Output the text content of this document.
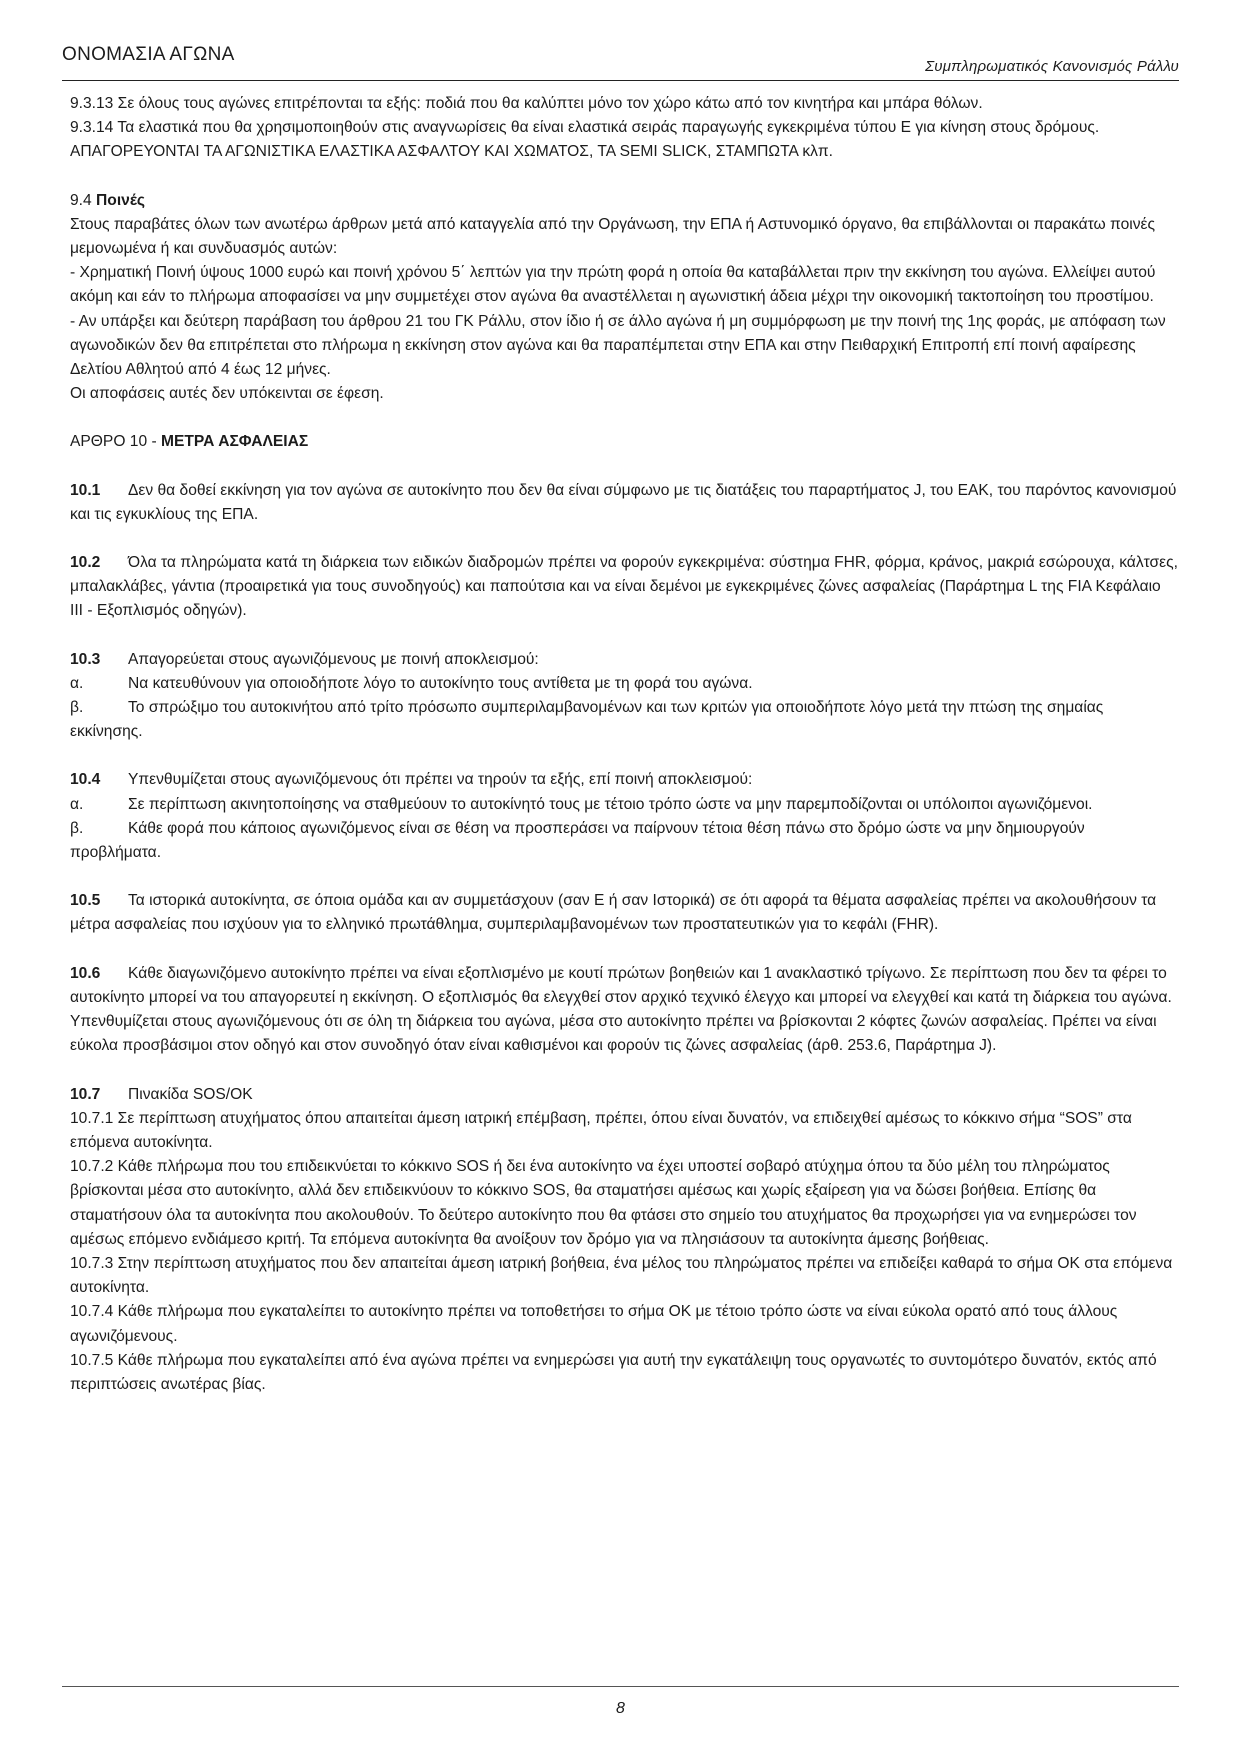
ΟΝΟΜΑΣΙΑ ΑΓΩΝΑ
Συμπληρωματικός Κανονισμός Ράλλυ

9.3.13 Σε όλους τους αγώνες επιτρέπονται τα εξής: ποδιά που θα καλύπτει μόνο τον χώρο κάτω από τον κινητήρα και μπάρα θόλων.

9.3.14 Τα ελαστικά που θα χρησιμοποιηθούν στις αναγνωρίσεις θα είναι ελαστικά σειράς παραγωγής εγκεκριμένα τύπου Ε για κίνηση στους δρόμους.

ΑΠΑΓΟΡΕΥΟΝΤΑΙ ΤΑ ΑΓΩΝΙΣΤΙΚΑ ΕΛΑΣΤΙΚΑ ΑΣΦΑΛΤΟΥ ΚΑΙ ΧΩΜΑΤΟΣ, ΤΑ SEMI SLICK, ΣΤΑΜΠΩΤΑ κλπ.

9.4 Ποινές

Στους παραβάτες όλων των ανωτέρω άρθρων μετά από καταγγελία από την Οργάνωση, την ΕΠΑ ή Αστυνομικό όργανο, θα επιβάλλονται οι παρακάτω ποινές μεμονωμένα ή και συνδυασμός αυτών:

- Χρηματική Ποινή ύψους 1000 ευρώ και ποινή χρόνου 5΄ λεπτών για την πρώτη φορά η οποία θα καταβάλλεται πριν την εκκίνηση του αγώνα. Ελλείψει αυτού ακόμη και εάν το πλήρωμα αποφασίσει να μην συμμετέχει στον αγώνα θα αναστέλλεται η αγωνιστική άδεια μέχρι την οικονομική τακτοποίηση του προστίμου.

- Αν υπάρξει και δεύτερη παράβαση του άρθρου 21 του ΓΚ Ράλλυ, στον ίδιο ή σε άλλο αγώνα ή μη συμμόρφωση με την ποινή της 1ης φοράς, με απόφαση των αγωνοδικών δεν θα επιτρέπεται στο πλήρωμα η εκκίνηση στον αγώνα και θα παραπέμπεται στην ΕΠΑ και στην Πειθαρχική Επιτροπή επί ποινή αφαίρεσης Δελτίου Αθλητού από 4 έως 12 μήνες.

Οι αποφάσεις αυτές δεν υπόκεινται σε έφεση.

ΑΡΘΡΟ 10 - ΜΕΤΡΑ ΑΣΦΑΛΕΙΑΣ

10.1 Δεν θα δοθεί εκκίνηση για τον αγώνα σε αυτοκίνητο που δεν θα είναι σύμφωνο με τις διατάξεις του παραρτήματος J, του ΕΑΚ, του παρόντος κανονισμού και τις εγκυκλίους της ΕΠΑ.

10.2 Όλα τα πληρώματα κατά τη διάρκεια των ειδικών διαδρομών πρέπει να φορούν εγκεκριμένα: σύστημα FHR, φόρμα, κράνος, μακριά εσώρουχα, κάλτσες, μπαλακλάβες, γάντια (προαιρετικά για τους συνοδηγούς) και παπούτσια και να είναι δεμένοι με εγκεκριμένες ζώνες ασφαλείας (Παράρτημα L της FIA Κεφάλαιο ΙΙΙ - Εξοπλισμός οδηγών).

10.3 Απαγορεύεται στους αγωνιζόμενους με ποινή αποκλεισμού:

α.	Να κατευθύνουν για οποιοδήποτε λόγο το αυτοκίνητο τους αντίθετα με τη φορά του αγώνα.

β.	Το σπρώξιμο του αυτοκινήτου από τρίτο πρόσωπο συμπεριλαμβανομένων και των κριτών για οποιοδήποτε λόγο μετά την πτώση της σημαίας εκκίνησης.

10.4 Υπενθυμίζεται στους αγωνιζόμενους ότι πρέπει να τηρούν τα εξής, επί ποινή αποκλεισμού:

α.	Σε περίπτωση ακινητοποίησης να σταθμεύουν το αυτοκίνητό τους με τέτοιο τρόπο ώστε να μην παρεμποδίζονται οι υπόλοιποι αγωνιζόμενοι.

β.	Κάθε φορά που κάποιος αγωνιζόμενος είναι σε θέση να προσπεράσει να παίρνουν τέτοια θέση πάνω στο δρόμο ώστε να μην δημιουργούν προβλήματα.

10.5 Τα ιστορικά αυτοκίνητα, σε όποια ομάδα και αν συμμετάσχουν (σαν Ε ή σαν Ιστορικά) σε ότι αφορά τα θέματα ασφαλείας πρέπει να ακολουθήσουν τα μέτρα ασφαλείας που ισχύουν για το ελληνικό πρωτάθλημα, συμπεριλαμβανομένων των προστατευτικών για το κεφάλι (FHR).

10.6 Κάθε διαγωνιζόμενο αυτοκίνητο πρέπει να είναι εξοπλισμένο με κουτί πρώτων βοηθειών και 1 ανακλαστικό τρίγωνο. Σε περίπτωση που δεν τα φέρει το αυτοκίνητο μπορεί να του απαγορευτεί η εκκίνηση. Ο εξοπλισμός θα ελεγχθεί στον αρχικό τεχνικό έλεγχο και μπορεί να ελεγχθεί και κατά τη διάρκεια του αγώνα.

Υπενθυμίζεται στους αγωνιζόμενους ότι σε όλη τη διάρκεια του αγώνα, μέσα στο αυτοκίνητο πρέπει να βρίσκονται 2 κόφτες ζωνών ασφαλείας. Πρέπει να είναι εύκολα προσβάσιμοι στον οδηγό και στον συνοδηγό όταν είναι καθισμένοι και φορούν τις ζώνες ασφαλείας (άρθ. 253.6, Παράρτημα J).

10.7 Πινακίδα SOS/OK

10.7.1 Σε περίπτωση ατυχήματος όπου απαιτείται άμεση ιατρική επέμβαση, πρέπει, όπου είναι δυνατόν, να επιδειχθεί αμέσως το κόκκινο σήμα “SOS” στα επόμενα αυτοκίνητα.

10.7.2 Κάθε πλήρωμα που του επιδεικνύεται το κόκκινο SOS ή δει ένα αυτοκίνητο να έχει υποστεί σοβαρό ατύχημα όπου τα δύο μέλη του πληρώματος βρίσκονται μέσα στο αυτοκίνητο, αλλά δεν επιδεικνύουν το κόκκινο SOS, θα σταματήσει αμέσως και χωρίς εξαίρεση για να δώσει βοήθεια. Επίσης θα σταματήσουν όλα τα αυτοκίνητα που ακολουθούν. Το δεύτερο αυτοκίνητο που θα φτάσει στο σημείο του ατυχήματος θα προχωρήσει για να ενημερώσει τον αμέσως επόμενο ενδιάμεσο κριτή. Τα επόμενα αυτοκίνητα θα ανοίξουν τον δρόμο για να πλησιάσουν τα αυτοκίνητα άμεσης βοήθειας.

10.7.3 Στην περίπτωση ατυχήματος που δεν απαιτείται άμεση ιατρική βοήθεια, ένα μέλος του πληρώματος πρέπει να επιδείξει καθαρά το σήμα ΟΚ στα επόμενα αυτοκίνητα.

10.7.4 Κάθε πλήρωμα που εγκαταλείπει το αυτοκίνητο πρέπει να τοποθετήσει το σήμα ΟΚ με τέτοιο τρόπο ώστε να είναι εύκολα ορατό από τους άλλους αγωνιζόμενους.

10.7.5 Κάθε πλήρωμα που εγκαταλείπει από ένα αγώνα πρέπει να ενημερώσει για αυτή την εγκατάλειψη τους οργανωτές το συντομότερο δυνατόν, εκτός από περιπτώσεις ανωτέρας βίας.

8
